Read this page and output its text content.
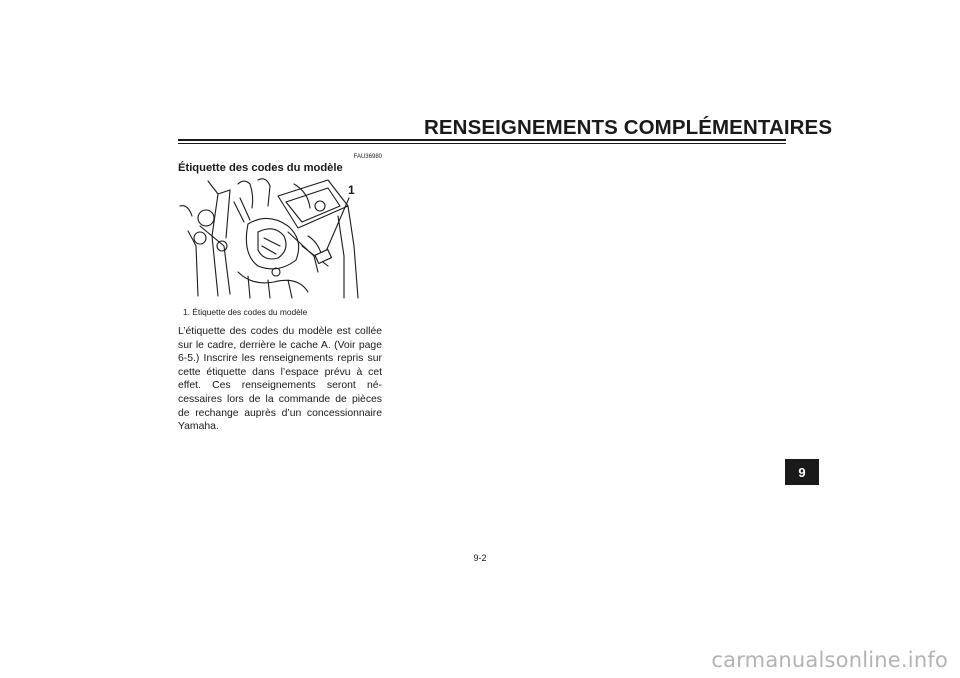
RENSEIGNEMENTS COMPLÉMENTAIRES
FAU36980
Étiquette des codes du modèle
1
1. Étiquette des codes du modèle
L’étiquette des codes du modèle est collée sur le cadre, derrière le cache A. (Voir page 6-5.) Inscrire les renseignements repris sur cette étiquette dans l’espace prévu à cet effet. Ces renseignements seront nécessaires lors de la commande de pièces de rechange auprès d’un concessionnaire Yamaha.
9
9-2
carmanualsonline.info
